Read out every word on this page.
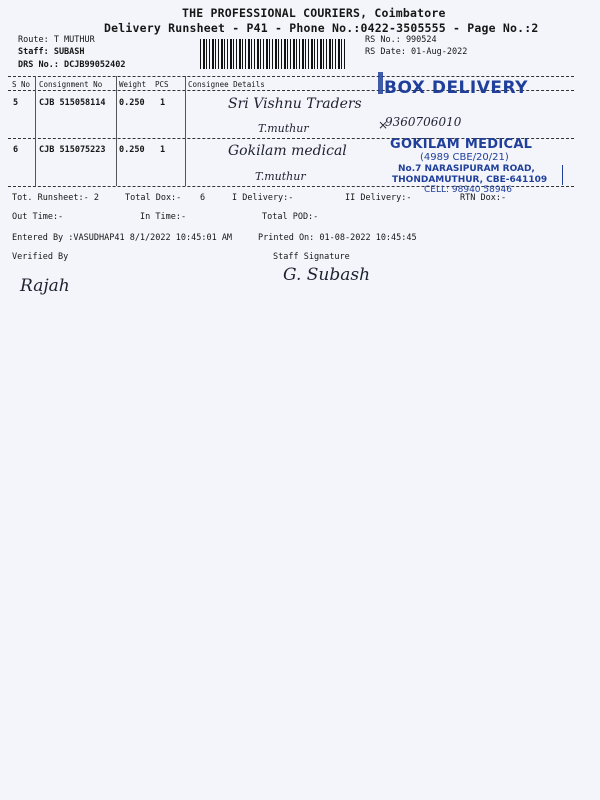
THE PROFESSIONAL COURIERS, Coimbatore
Delivery Runsheet - P41 - Phone No.:0422-3505555 - Page No.:2
Route: T MUTHUR
Staff: SUBASH
DRS No.: DCJB99052402
RS No.: 990524
RS Date: 01-Aug-2022
S No Consignment No Weight PCS	Consignee Details
5 CJB 515058114 0.250 1	Sri Vishnu Traders
T.muthur
6 CJB 515075223 0.250 1	Gokilam medical
T.muthur
BOX DELIVERY
9360706010
×
GOKILAM MEDICAL
(4989 CBE/20/21)
No.7 NARASIPURAM ROAD,
THONDAMUTHUR, CBE-641109
CELL: 98940 58946
Tot. Runsheet:- 2	Total Dox:- 6	I Delivery:-	II Delivery:-	RTN Dox:-
Out Time:-	In Time:-	Total POD:-
Entered By :VASUDHAP41 8/1/2022 10:45:01 AM	Printed On: 01-08-2022 10:45:45
Verified By	Staff Signature
Rajah
G. Subash
